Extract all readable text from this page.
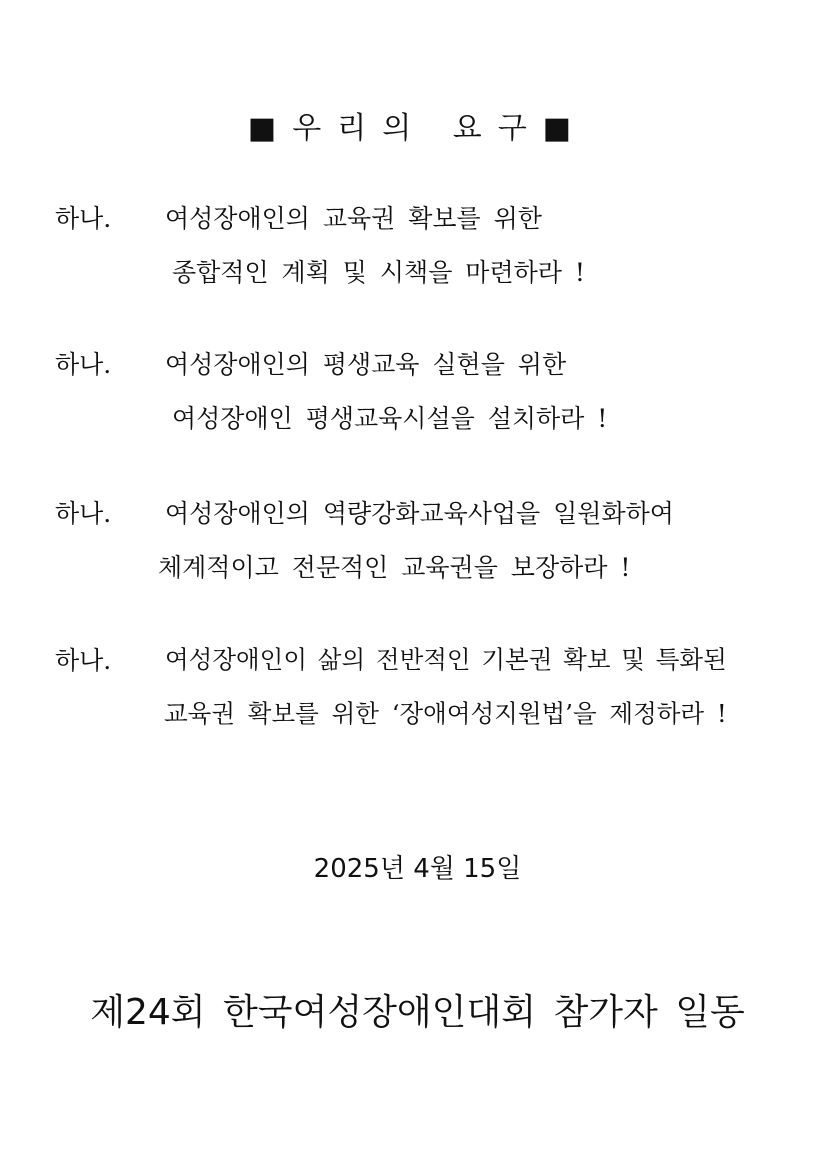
■우리의 요구■
하나. 여성장애인의 교육권 확보를 위한
종합적인 계획 및 시책을 마련하라 !
하나. 여성장애인의 평생교육 실현을 위한
여성장애인 평생교육시설을 설치하라 !
하나. 여성장애인의 역량강화교육사업을 일원화하여
체계적이고 전문적인 교육권을 보장하라 !
하나. 여성장애인이 삶의 전반적인 기본권 확보 및 특화된
교육권 확보를 위한 ‘장애여성지원법’을 제정하라 !
2025년 4월 15일
제24회 한국여성장애인대회 참가자 일동
